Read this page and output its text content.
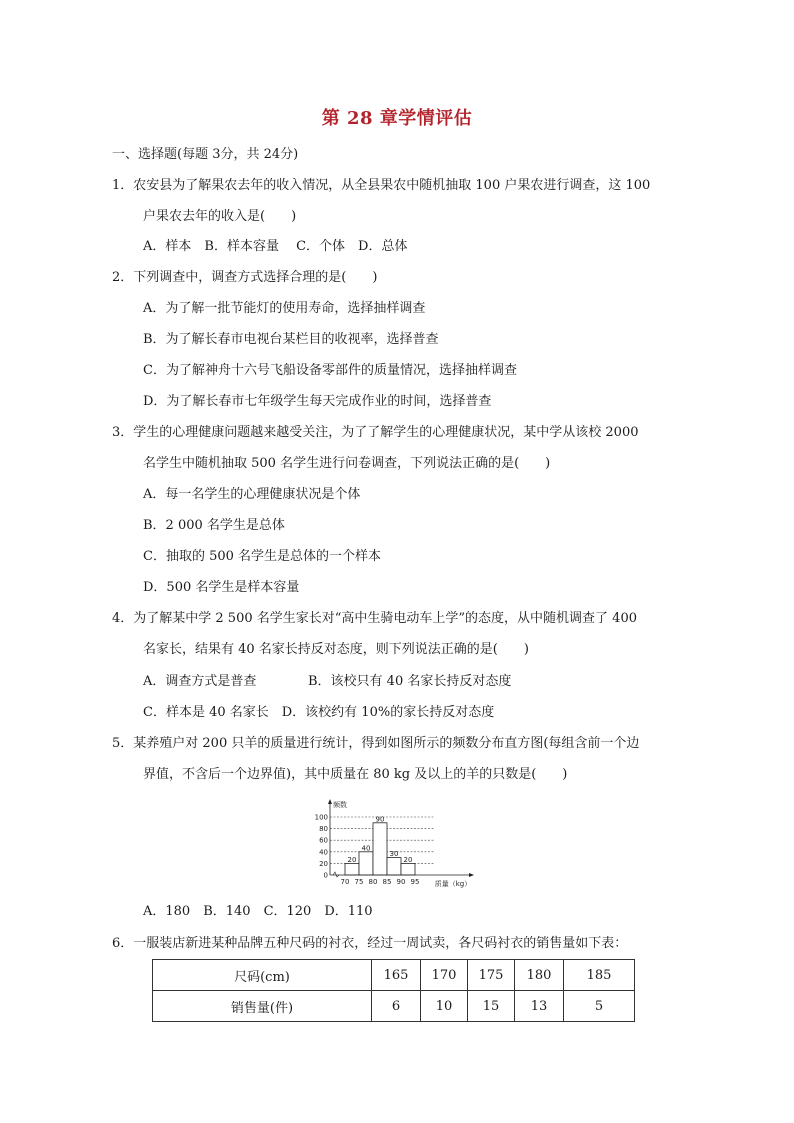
第 28 章学情评估
一、选择题(每题 3分，共 24分)
1．农安县为了解果农去年的收入情况，从全县果农中随机抽取 100 户果农进行调查，这 100
户果农去年的收入是(　　)
A．样本　B．样本容量　 C．个体　D．总体
2．下列调查中，调查方式选择合理的是(　　)
A．为了解一批节能灯的使用寿命，选择抽样调查
B．为了解长春市电视台某栏目的收视率，选择普查
C．为了解神舟十六号飞船设备零部件的质量情况，选择抽样调查
D．为了解长春市七年级学生每天完成作业的时间，选择普查
3．学生的心理健康问题越来越受关注，为了了解学生的心理健康状况，某中学从该校 2000
名学生中随机抽取 500 名学生进行问卷调查，下列说法正确的是(　　)
A．每一名学生的心理健康状况是个体
B．2 000 名学生是总体
C．抽取的 500 名学生是总体的一个样本
D．500 名学生是样本容量
4．为了解某中学 2 500 名学生家长对“高中生骑电动车上学”的态度，从中随机调查了 400
名家长，结果有 40 名家长持反对态度，则下列说法正确的是(　　)
A．调查方式是普查	B．该校只有 40 名家长持反对态度
C．样本是 40 名家长　D．该校约有 10%的家长持反对态度
5．某养殖户对 200 只羊的质量进行统计，得到如图所示的频数分布直方图(每组含前一个边
界值，不含后一个边界值)，其中质量在 80 kg 及以上的羊的只数是(　　)
20
40
90
30
20
0
20
40
60
80
100
70 75 80 85 90 95
频数
质量（kg）
A．180　B．140　C．120　D．110
6．一服装店新进某种品牌五种尺码的衬衣，经过一周试卖，各尺码衬衣的销售量如下表：
尺码(cm)	165	170	175	180	185
销售量(件)	6	10	15	13	5
